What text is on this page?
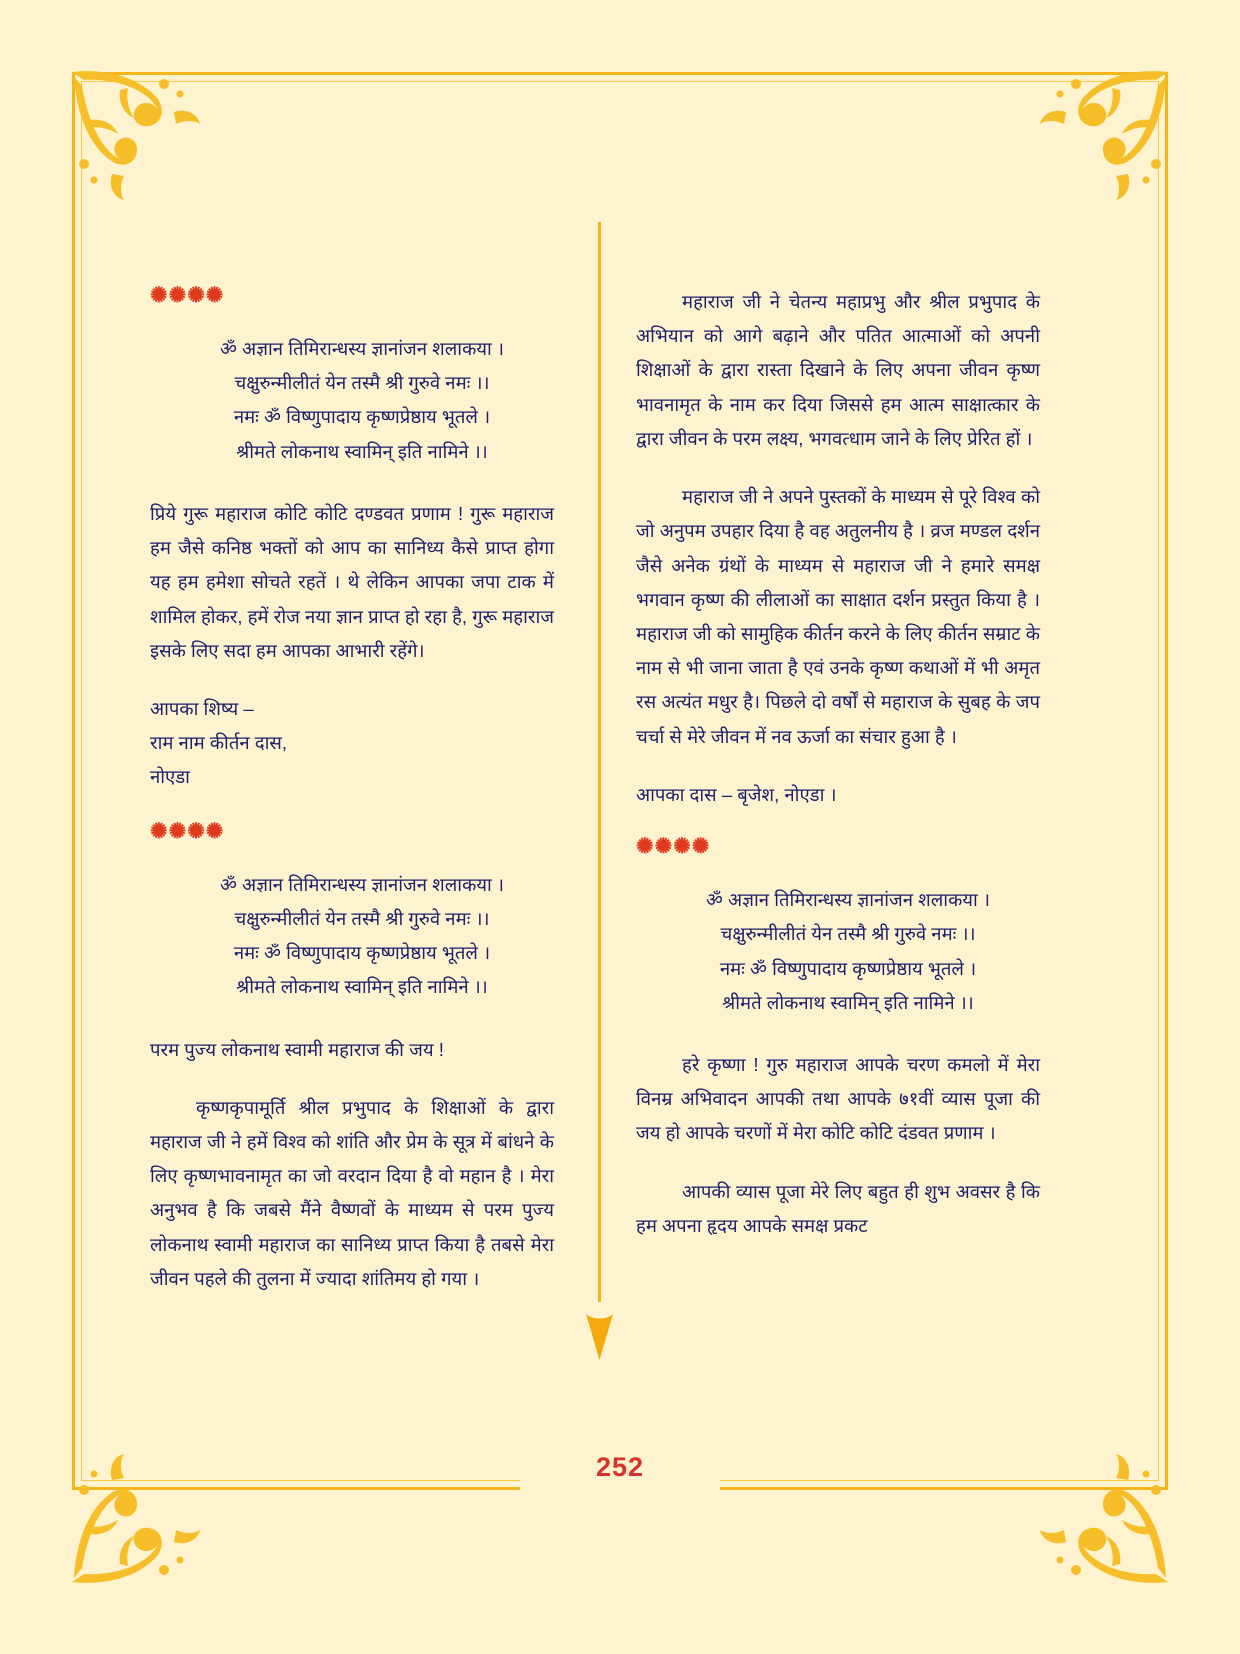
✺✺✺✺
ॐ अज्ञान तिमिरान्धस्य ज्ञानांजन शलाकया ।
चक्षुरुन्मीलीतं येन तस्मै श्री गुरुवे नमः ।।
नमः ॐ विष्णुपादाय कृष्णप्रेष्ठाय भूतले ।
श्रीमते लोकनाथ स्वामिन् इति नामिने ।।

प्रिये गुरू महाराज कोटि कोटि दण्डवत प्रणाम ! गुरू महाराज हम जैसे कनिष्ठ भक्तों को आप का सानिध्य कैसे प्राप्त होगा यह हम हमेशा सोचते रहतें । थे लेकिन आपका जपा टाक में शामिल होकर, हमें रोज नया ज्ञान प्राप्त हो रहा है, गुरू महाराज इसके लिए सदा हम आपका आभारी रहेंगे।

आपका शिष्य –
राम नाम कीर्तन दास,
नोएडा
✺✺✺✺
ॐ अज्ञान तिमिरान्धस्य ज्ञानांजन शलाकया ।
चक्षुरुन्मीलीतं येन तस्मै श्री गुरुवे नमः ।।
नमः ॐ विष्णुपादाय कृष्णप्रेष्ठाय भूतले ।
श्रीमते लोकनाथ स्वामिन् इति नामिने ।।

परम पुज्य लोकनाथ स्वामी महाराज की जय !

कृष्णकृपामूर्ति श्रील प्रभुपाद के शिक्षाओं के द्वारा महाराज जी ने हमें विश्व को शांति और प्रेम के सूत्र में बांधने के लिए कृष्णभावनामृत का जो वरदान दिया है वो महान है । मेरा अनुभव है कि जबसे मैंने वैष्णवों के माध्यम से परम पुज्य लोकनाथ स्वामी महाराज का सानिध्य प्राप्त किया है तबसे मेरा जीवन पहले की तुलना में ज्यादा शांतिमय हो गया ।

महाराज जी ने चेतन्य महाप्रभु और श्रील प्रभुपाद के अभियान को आगे बढ़ाने और पतित आत्माओं को अपनी शिक्षाओं के द्वारा रास्ता दिखाने के लिए अपना जीवन कृष्ण भावनामृत के नाम कर दिया जिससे हम आत्म साक्षात्कार के द्वारा जीवन के परम लक्ष्य, भगवत्धाम जाने के लिए प्रेरित हों ।

महाराज जी ने अपने पुस्तकों के माध्यम से पूरे विश्व को जो अनुपम उपहार दिया है वह अतुलनीय है । व्रज मण्डल दर्शन जैसे अनेक ग्रंथों के माध्यम से महाराज जी ने हमारे समक्ष भगवान कृष्ण की लीलाओं का साक्षात दर्शन प्रस्तुत किया है । महाराज जी को सामुहिक कीर्तन करने के लिए कीर्तन सम्राट के नाम से भी जाना जाता है एवं उनके कृष्ण कथाओं में भी अमृत रस अत्यंत मधुर है। पिछले दो वर्षों से महाराज के सुबह के जप चर्चा से मेरे जीवन में नव ऊर्जा का संचार हुआ है ।

आपका दास – बृजेश, नोएडा ।

✺✺✺✺
ॐ अज्ञान तिमिरान्धस्य ज्ञानांजन शलाकया ।
चक्षुरुन्मीलीतं येन तस्मै श्री गुरुवे नमः ।।
नमः ॐ विष्णुपादाय कृष्णप्रेष्ठाय भूतले ।
श्रीमते लोकनाथ स्वामिन् इति नामिने ।।

हरे कृष्णा ! गुरु महाराज आपके चरण कमलो में मेरा विनम्र अभिवादन आपकी तथा आपके ७१वीं व्यास पूजा की जय हो आपके चरणों में मेरा कोटि कोटि दंडवत प्रणाम ।

आपकी व्यास पूजा मेरे लिए बहुत ही शुभ अवसर है कि हम अपना हृदय आपके समक्ष प्रकट

252
